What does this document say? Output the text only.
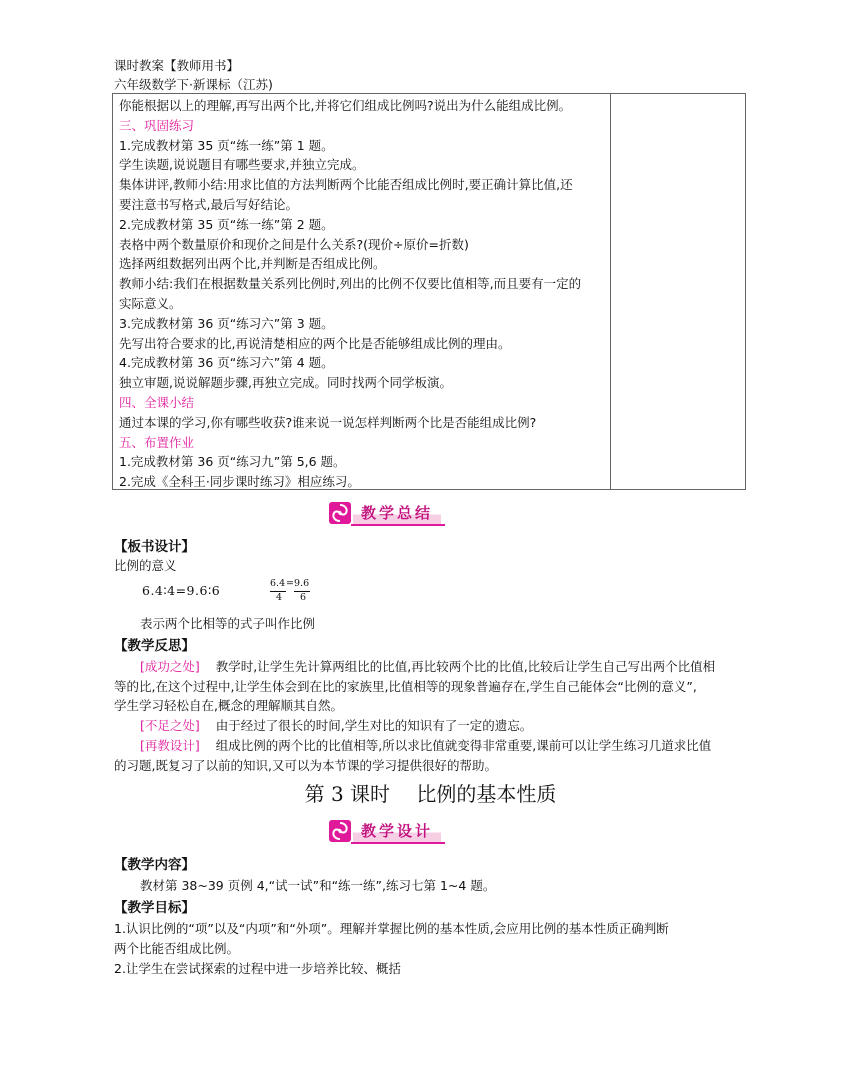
课时教案【教师用书】
六年级数学下·新课标（江苏)
你能根据以上的理解,再写出两个比,并将它们组成比例吗?说出为什么能组成比例。
三、巩固练习
1.完成教材第 35 页“练一练”第 1 题。
学生读题,说说题目有哪些要求,并独立完成。
集体讲评,教师小结:用求比值的方法判断两个比能否组成比例时,要正确计算比值,还
要注意书写格式,最后写好结论。
2.完成教材第 35 页“练一练”第 2 题。
表格中两个数量原价和现价之间是什么关系?(现价÷原价=折数)
选择两组数据列出两个比,并判断是否组成比例。
教师小结:我们在根据数量关系列比例时,列出的比例不仅要比值相等,而且要有一定的
实际意义。
3.完成教材第 36 页“练习六”第 3 题。
先写出符合要求的比,再说清楚相应的两个比是否能够组成比例的理由。
4.完成教材第 36 页“练习六”第 4 题。
独立审题,说说解题步骤,再独立完成。同时找两个同学板演。
四、全课小结
通过本课的学习,你有哪些收获?谁来说一说怎样判断两个比是否能组成比例?
五、布置作业
1.完成教材第 36 页“练习九”第 5,6 题。
2.完成《全科王·同步课时练习》相应练习。
教学总结
【板书设计】
比例的意义
6.4∶4=9.6∶6	6.4 = 9.6
4 6
表示两个比相等的式子叫作比例
【教学反思】
[成功之处] 教学时,让学生先计算两组比的比值,再比较两个比的比值,比较后让学生自己写出两个比值相
等的比,在这个过程中,让学生体会到在比的家族里,比值相等的现象普遍存在,学生自己能体会“比例的意义”,
学生学习轻松自在,概念的理解顺其自然。
[不足之处] 由于经过了很长的时间,学生对比的知识有了一定的遗忘。
[再教设计] 组成比例的两个比的比值相等,所以求比值就变得非常重要,课前可以让学生练习几道求比值
的习题,既复习了以前的知识,又可以为本节课的学习提供很好的帮助。
第 3 课时 比例的基本性质
教学设计
【教学内容】
教材第 38~39 页例 4,“试一试”和“练一练”,练习七第 1~4 题。
【教学目标】
1.认识比例的“项”以及“内项”和“外项”。理解并掌握比例的基本性质,会应用比例的基本性质正确判断
两个比能否组成比例。
2.让学生在尝试探索的过程中进一步培养比较、概括
